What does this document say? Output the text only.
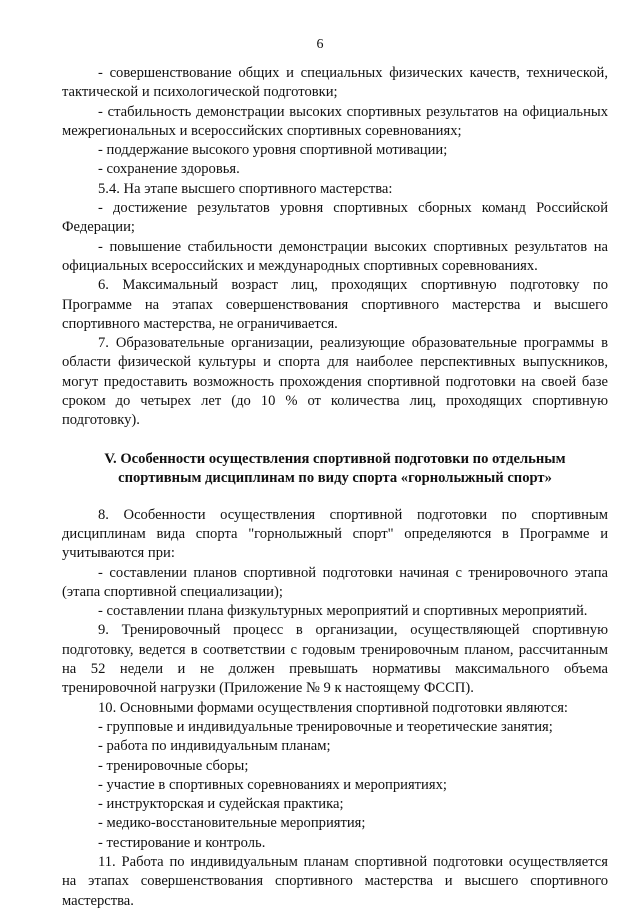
6

- совершенствование общих и специальных физических качеств, технической, тактической и психологической подготовки;

- стабильность демонстрации высоких спортивных результатов на официальных межрегиональных и всероссийских спортивных соревнованиях;

- поддержание высокого уровня спортивной мотивации;

- сохранение здоровья.

5.4. На этапе высшего спортивного мастерства:

- достижение результатов уровня спортивных сборных команд Российской Федерации;

- повышение стабильности демонстрации высоких спортивных результатов на официальных всероссийских и международных спортивных соревнованиях.

6. Максимальный возраст лиц, проходящих спортивную подготовку по Программе на этапах совершенствования спортивного мастерства и высшего спортивного мастерства, не ограничивается.

7. Образовательные организации, реализующие образовательные программы в области физической культуры и спорта для наиболее перспективных выпускников, могут предоставить возможность прохождения спортивной подготовки на своей базе сроком до четырех лет (до 10 % от количества лиц, проходящих спортивную подготовку).

V. Особенности осуществления спортивной подготовки по отдельным
спортивным дисциплинам по виду спорта «горнолыжный спорт»

8. Особенности осуществления спортивной подготовки по спортивным дисциплинам вида спорта "горнолыжный спорт" определяются в Программе и учитываются при:

- составлении планов спортивной подготовки начиная с тренировочного этапа (этапа спортивной специализации);

- составлении плана физкультурных мероприятий и спортивных мероприятий.

9. Тренировочный процесс в организации, осуществляющей спортивную подготовку, ведется в соответствии с годовым тренировочным планом, рассчитанным на 52 недели и не должен превышать нормативы максимального объема тренировочной нагрузки (Приложение № 9 к настоящему ФССП).

10. Основными формами осуществления спортивной подготовки являются:

- групповые и индивидуальные тренировочные и теоретические занятия;

- работа по индивидуальным планам;

- тренировочные сборы;

- участие в спортивных соревнованиях и мероприятиях;

- инструкторская и судейская практика;

- медико-восстановительные мероприятия;

- тестирование и контроль.

11. Работа по индивидуальным планам спортивной подготовки осуществляется на этапах совершенствования спортивного мастерства и высшего спортивного мастерства.
